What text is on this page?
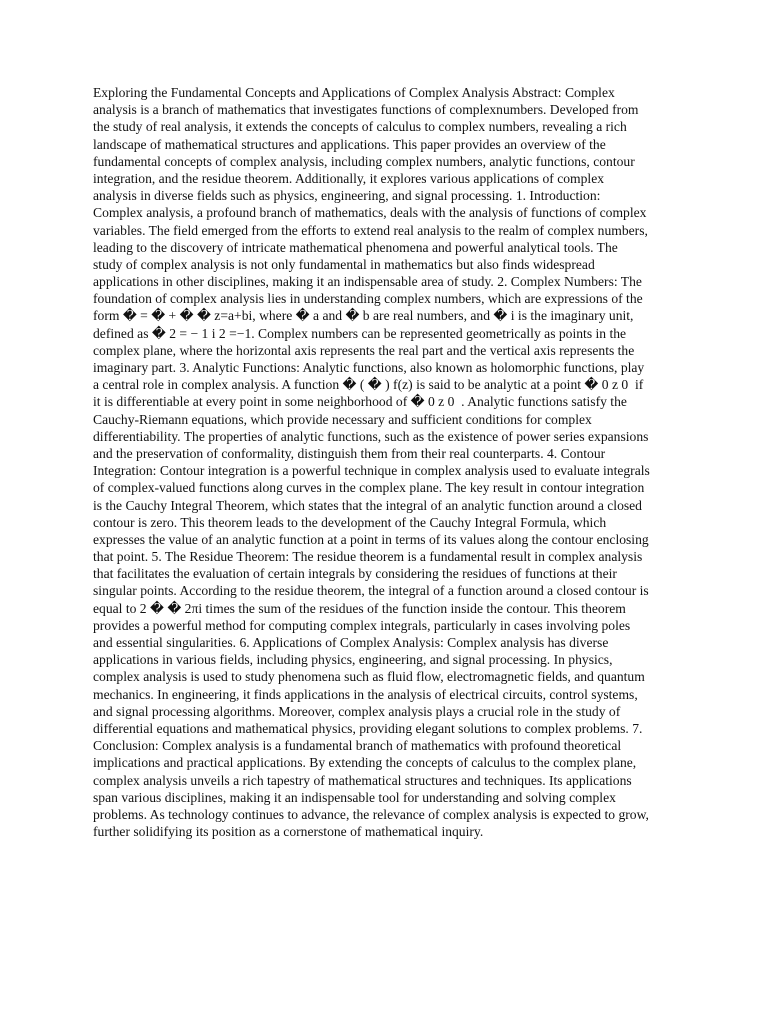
Exploring the Fundamental Concepts and Applications of Complex Analysis Abstract: Complex
analysis is a branch of mathematics that investigates functions of complexnumbers. Developed from
the study of real analysis, it extends the concepts of calculus to complex numbers, revealing a rich
landscape of mathematical structures and applications. This paper provides an overview of the
fundamental concepts of complex analysis, including complex numbers, analytic functions, contour
integration, and the residue theorem. Additionally, it explores various applications of complex
analysis in diverse fields such as physics, engineering, and signal processing. 1. Introduction:
Complex analysis, a profound branch of mathematics, deals with the analysis of functions of complex
variables. The field emerged from the efforts to extend real analysis to the realm of complex numbers,
leading to the discovery of intricate mathematical phenomena and powerful analytical tools. The
study of complex analysis is not only fundamental in mathematics but also finds widespread
applications in other disciplines, making it an indispensable area of study. 2. Complex Numbers: The
foundation of complex analysis lies in understanding complex numbers, which are expressions of the
form � = � + � � z=a+bi, where � a and � b are real numbers, and � i is the imaginary unit,
defined as � 2 = − 1 i 2 =−1. Complex numbers can be represented geometrically as points in the
complex plane, where the horizontal axis represents the real part and the vertical axis represents the
imaginary part. 3. Analytic Functions: Analytic functions, also known as holomorphic functions, play
a central role in complex analysis. A function � ( � ) f(z) is said to be analytic at a point � 0 z 0  if
it is differentiable at every point in some neighborhood of � 0 z 0  . Analytic functions satisfy the
Cauchy-Riemann equations, which provide necessary and sufficient conditions for complex
differentiability. The properties of analytic functions, such as the existence of power series expansions
and the preservation of conformality, distinguish them from their real counterparts. 4. Contour
Integration: Contour integration is a powerful technique in complex analysis used to evaluate integrals
of complex-valued functions along curves in the complex plane. The key result in contour integration
is the Cauchy Integral Theorem, which states that the integral of an analytic function around a closed
contour is zero. This theorem leads to the development of the Cauchy Integral Formula, which
expresses the value of an analytic function at a point in terms of its values along the contour enclosing
that point. 5. The Residue Theorem: The residue theorem is a fundamental result in complex analysis
that facilitates the evaluation of certain integrals by considering the residues of functions at their
singular points. According to the residue theorem, the integral of a function around a closed contour is
equal to 2 � � 2πi times the sum of the residues of the function inside the contour. This theorem
provides a powerful method for computing complex integrals, particularly in cases involving poles
and essential singularities. 6. Applications of Complex Analysis: Complex analysis has diverse
applications in various fields, including physics, engineering, and signal processing. In physics,
complex analysis is used to study phenomena such as fluid flow, electromagnetic fields, and quantum
mechanics. In engineering, it finds applications in the analysis of electrical circuits, control systems,
and signal processing algorithms. Moreover, complex analysis plays a crucial role in the study of
differential equations and mathematical physics, providing elegant solutions to complex problems. 7.
Conclusion: Complex analysis is a fundamental branch of mathematics with profound theoretical
implications and practical applications. By extending the concepts of calculus to the complex plane,
complex analysis unveils a rich tapestry of mathematical structures and techniques. Its applications
span various disciplines, making it an indispensable tool for understanding and solving complex
problems. As technology continues to advance, the relevance of complex analysis is expected to grow,
further solidifying its position as a cornerstone of mathematical inquiry.
